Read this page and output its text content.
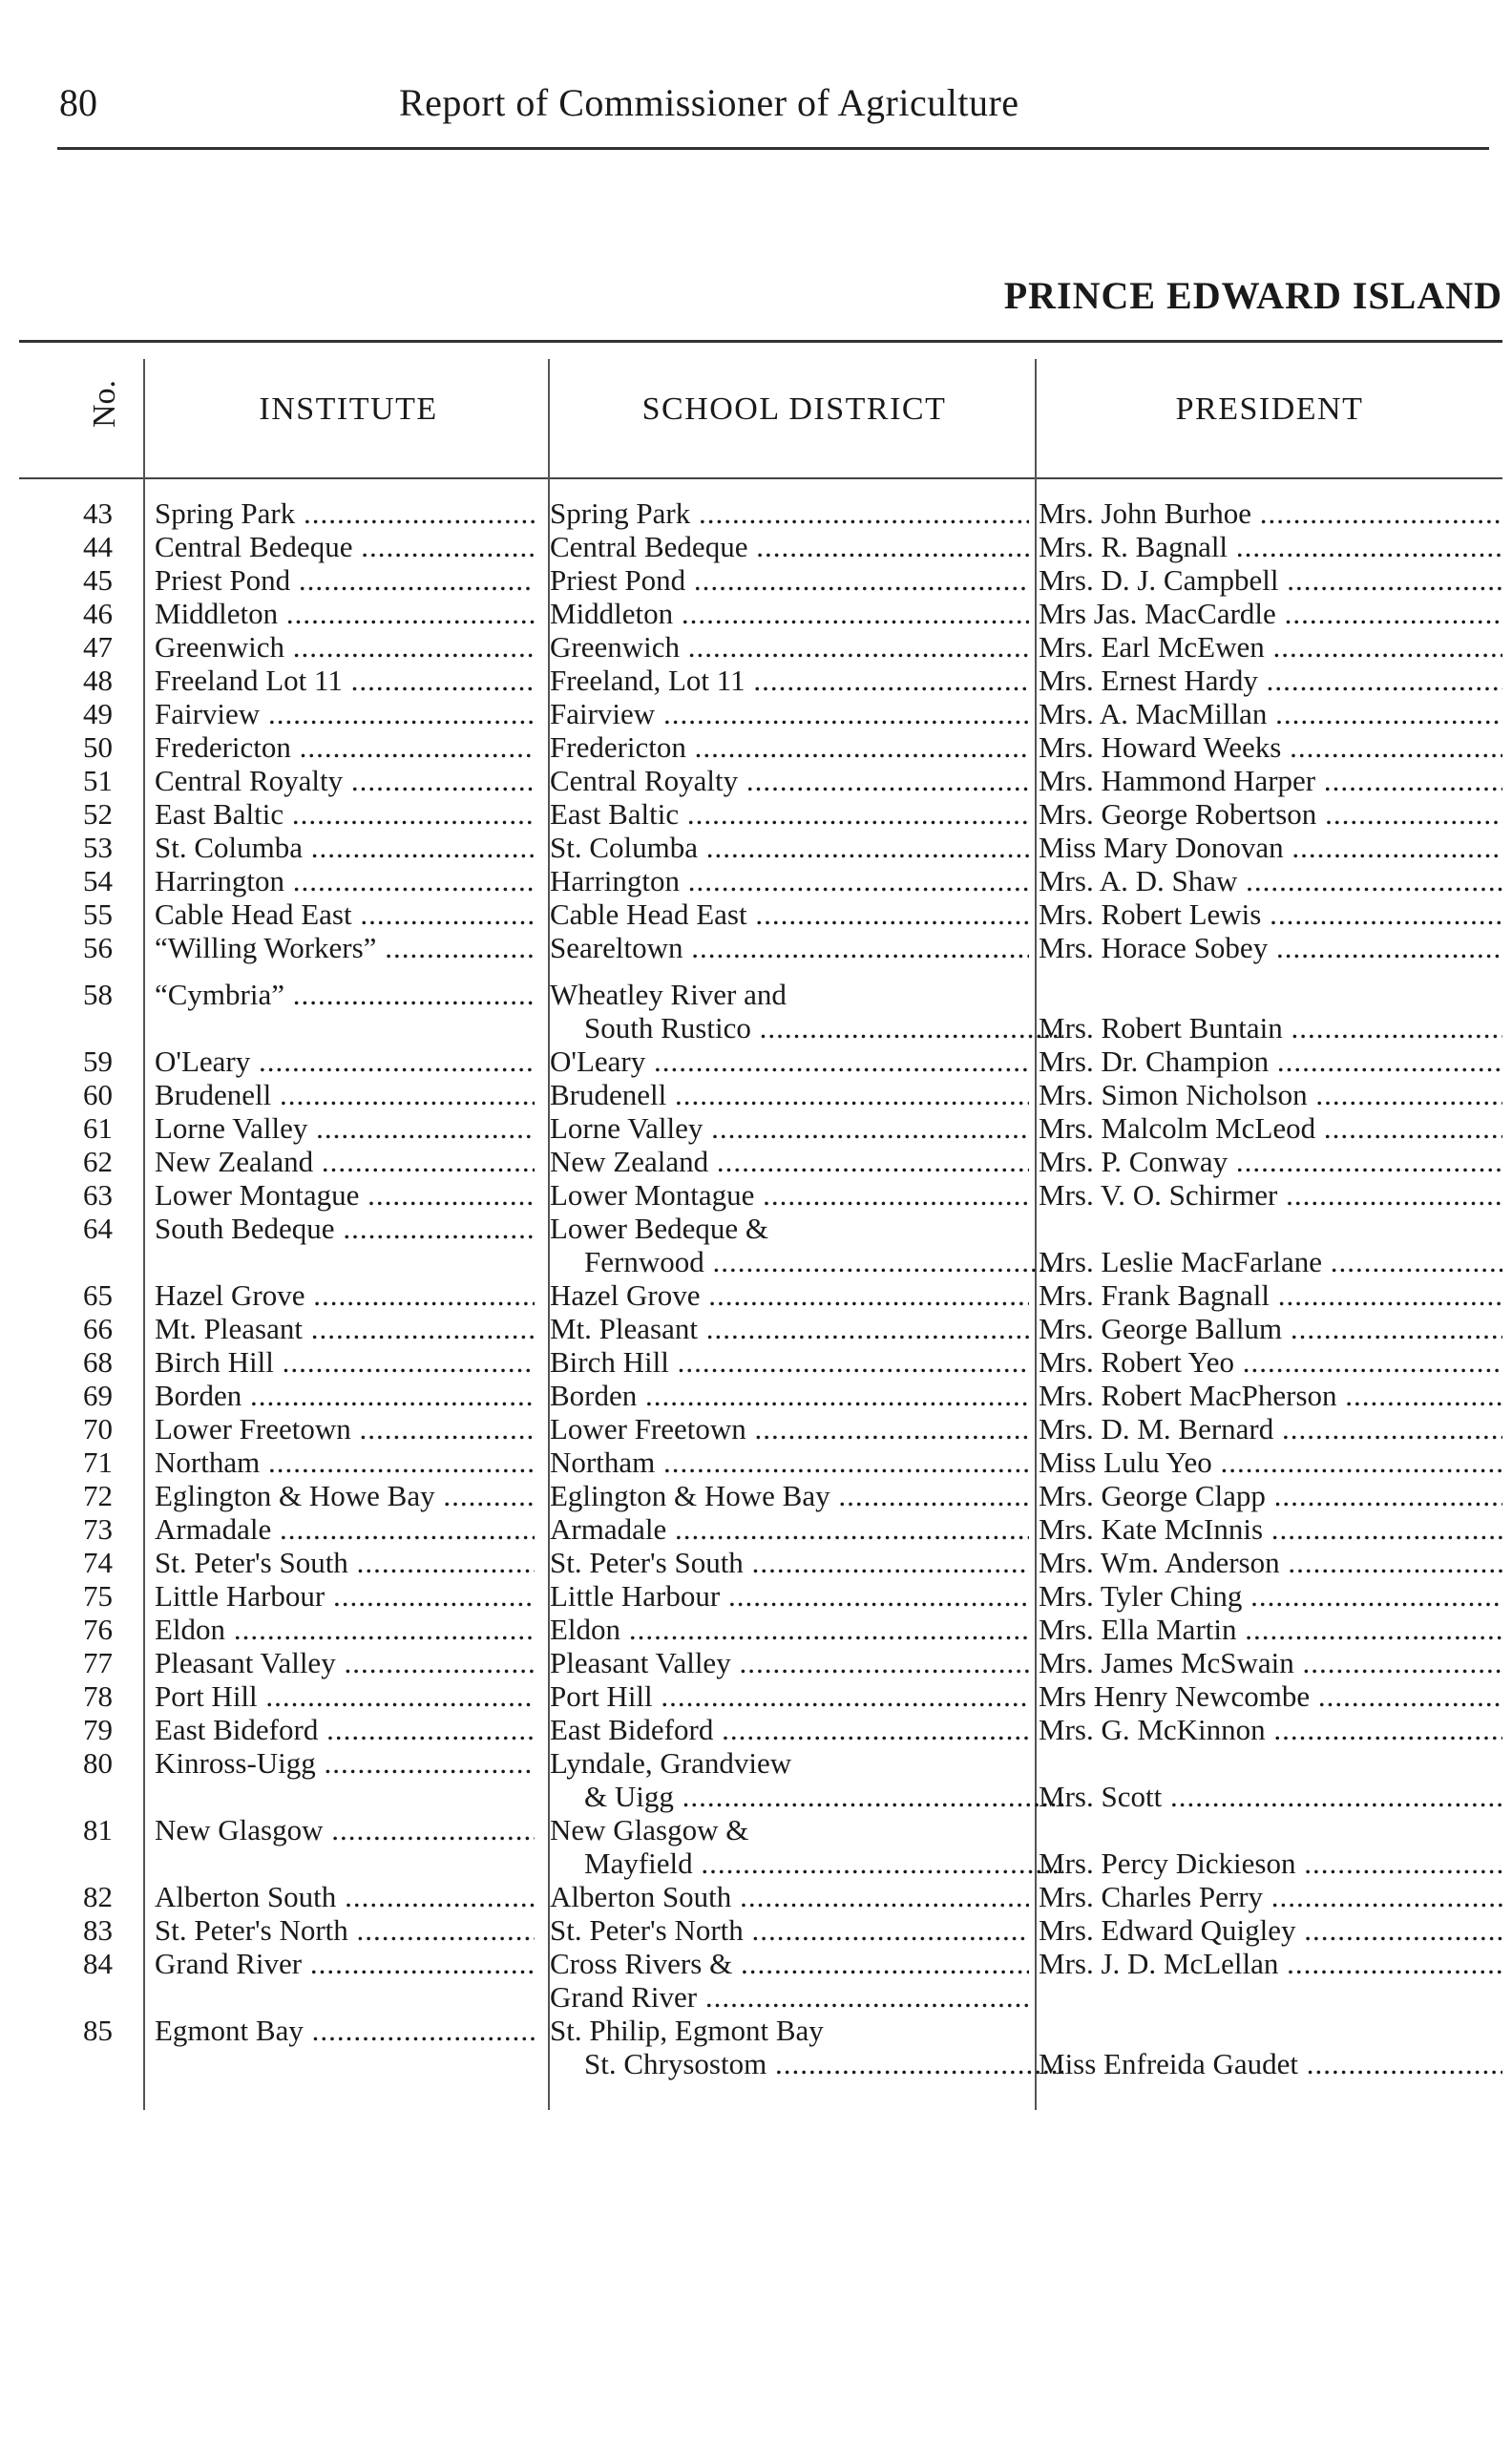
80	Report of Commissioner of Agriculture
PRINCE EDWARD ISLAND
No.	INSTITUTE	SCHOOL DISTRICT	PRESIDENT
43 Spring Park .....	Spring Park .....	Mrs. John Burhoe .....
44 Central Bedeque .....	Central Bedeque .....	Mrs. R. Bagnall .....
45 Priest Pond .....	Priest Pond .....	Mrs. D. J. Campbell .....
46 Middleton .....	Middleton .....	Mrs Jas. MacCardle .....
47 Greenwich .....	Greenwich .....	Mrs. Earl McEwen .....
48 Freeland Lot 11 .....	Freeland, Lot 11 .....	Mrs. Ernest Hardy .....
49 Fairview .....	Fairview .....	Mrs. A. MacMillan .....
50 Fredericton .....	Fredericton .....	Mrs. Howard Weeks .....
51 Central Royalty .....	Central Royalty .....	Mrs. Hammond Harper .....
52 East Baltic .....	East Baltic .....	Mrs. George Robertson .....
53 St. Columba .....	St. Columba .....	Miss Mary Donovan .....
54 Harrington .....	Harrington .....	Mrs. A. D. Shaw .....
55 Cable Head East .....	Cable Head East .....	Mrs. Robert Lewis .....
56 “Willing Workers” .....	Seareltown .....	Mrs. Horace Sobey .....
58 “Cymbria” .....	Wheatley River and
South Rustico .....	Mrs. Robert Buntain .....
59 O'Leary .....	O'Leary .....	Mrs. Dr. Champion .....
60 Brudenell .....	Brudenell .....	Mrs. Simon Nicholson .....
61 Lorne Valley .....	Lorne Valley .....	Mrs. Malcolm McLeod .....
62 New Zealand .....	New Zealand .....	Mrs. P. Conway .....
63 Lower Montague .....	Lower Montague .....	Mrs. V. O. Schirmer .....
64 South Bedeque .....	Lower Bedeque &
Fernwood .....	Mrs. Leslie MacFarlane .....
65 Hazel Grove .....	Hazel Grove .....	Mrs. Frank Bagnall .....
66 Mt. Pleasant .....	Mt. Pleasant .....	Mrs. George Ballum .....
68 Birch Hill .....	Birch Hill .....	Mrs. Robert Yeo .....
69 Borden .....	Borden .....	Mrs. Robert MacPherson .....
70 Lower Freetown .....	Lower Freetown .....	Mrs. D. M. Bernard .....
71 Northam .....	Northam .....	Miss Lulu Yeo .....
72 Eglington & Howe Bay .....	Eglington & Howe Bay .....	Mrs. George Clapp .....
73 Armadale .....	Armadale .....	Mrs. Kate McInnis .....
74 St. Peter's South .....	St. Peter's South .....	Mrs. Wm. Anderson .....
75 Little Harbour .....	Little Harbour .....	Mrs. Tyler Ching .....
76 Eldon .....	Eldon .....	Mrs. Ella Martin .....
77 Pleasant Valley .....	Pleasant Valley .....	Mrs. James McSwain .....
78 Port Hill .....	Port Hill .....	Mrs Henry Newcombe .....
79 East Bideford .....	East Bideford .....	Mrs. G. McKinnon .....
80 Kinross-Uigg .....	Lyndale, Grandview
& Uigg .....	Mrs. Scott .....
81 New Glasgow .....	New Glasgow &
Mayfield .....	Mrs. Percy Dickieson .....
82 Alberton South .....	Alberton South .....	Mrs. Charles Perry .....
83 St. Peter's North .....	St. Peter's North .....	Mrs. Edward Quigley .....
84 Grand River .....	Cross Rivers & .....	Mrs. J. D. McLellan .....
Grand River .....
85 Egmont Bay .....	St. Philip, Egmont Bay
St. Chrysostom .....	Miss Enfreida Gaudet .....
